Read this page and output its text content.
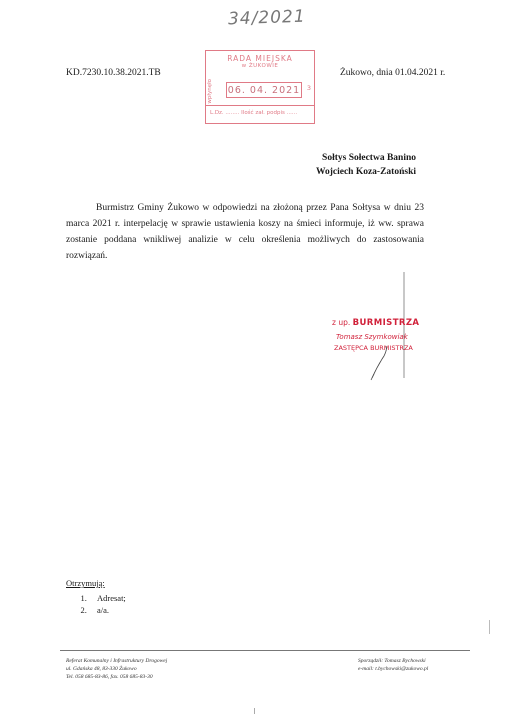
34/2021
KD.7230.10.38.2021.TB	Żukowo, dnia 01.04.2021 r.
RADA MIEJSKA
w ŻUKOWIE
wpłynęło 06. 04. 2021 3
L.Dz. ........ Ilość zał. podpis ......
Sołtys Sołectwa Banino
Wojciech Koza-Zatoński
Burmistrz Gminy Żukowo w odpowiedzi na złożoną przez Pana Sołtysa w dniu 23 marca 2021 r. interpelację w sprawie ustawienia koszy na śmieci informuje, iż ww. sprawa zostanie poddana wnikliwej analizie w celu określenia możliwych do zastosowania rozwiązań.
z up. BURMISTRZA
Tomasz Szymkowiak
ZASTĘPCA BURMISTRZA
Otrzymują:
1. Adresat;
2. a/a.
Referat Komunalny i Infrastruktury Drogowej
ul. Gdańska 48, 83-330 Żukowo
Tel. 058 685-83-86, fax. 058 685-83-30
Sporządził: Tomasz Bychowski
e-mail: t.bychowski@zukowo.pl
